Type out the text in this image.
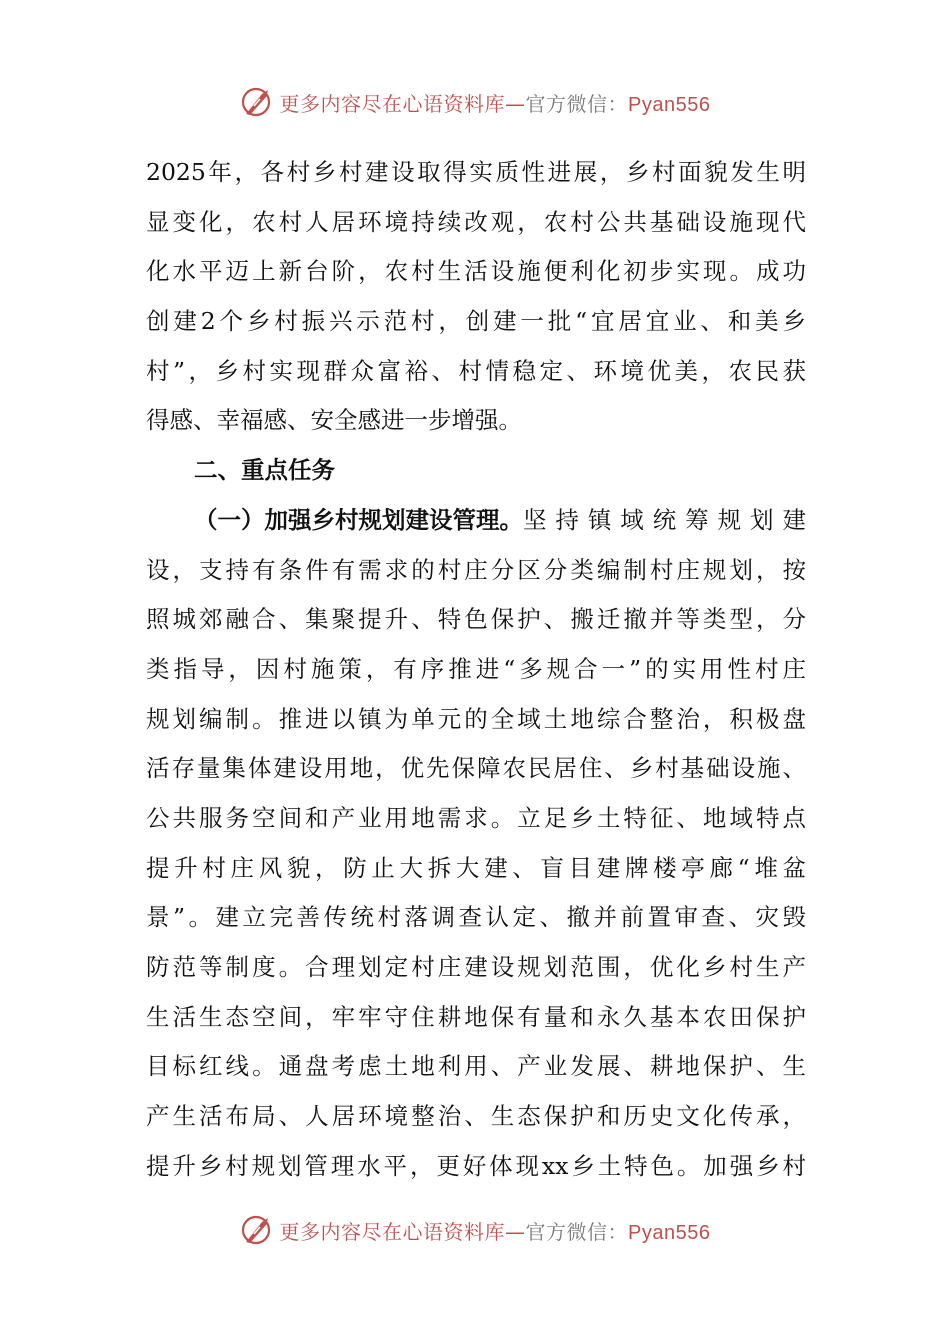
更多内容尽在心语资料库—官方微信：Pyan556
2025年，各村乡村建设取得实质性进展，乡村面貌发生明
显变化，农村人居环境持续改观，农村公共基础设施现代
化水平迈上新台阶，农村生活设施便利化初步实现。成功
创建2个乡村振兴示范村，创建一批“宜居宜业、和美乡
村”，乡村实现群众富裕、村情稳定、环境优美，农民获
得感、幸福感、安全感进一步增强。
二、重点任务
（一）加强乡村规划建设管理。 坚持镇域统筹规划建
设，支持有条件有需求的村庄分区分类编制村庄规划，按
照城郊融合、集聚提升、特色保护、搬迁撤并等类型，分
类指导，因村施策，有序推进“多规合一”的实用性村庄
规划编制。推进以镇为单元的全域土地综合整治，积极盘
活存量集体建设用地，优先保障农民居住、乡村基础设施、
公共服务空间和产业用地需求。立足乡土特征、地域特点
提升村庄风貌，防止大拆大建、盲目建牌楼亭廊“堆盆
景”。建立完善传统村落调查认定、撤并前置审查、灾毁
防范等制度。合理划定村庄建设规划范围，优化乡村生产
生活生态空间，牢牢守住耕地保有量和永久基本农田保护
目标红线。通盘考虑土地利用、产业发展、耕地保护、生
产生活布局、人居环境整治、生态保护和历史文化传承，
提升乡村规划管理水平，更好体现xx乡土特色。加强乡村
更多内容尽在心语资料库—官方微信：Pyan556
